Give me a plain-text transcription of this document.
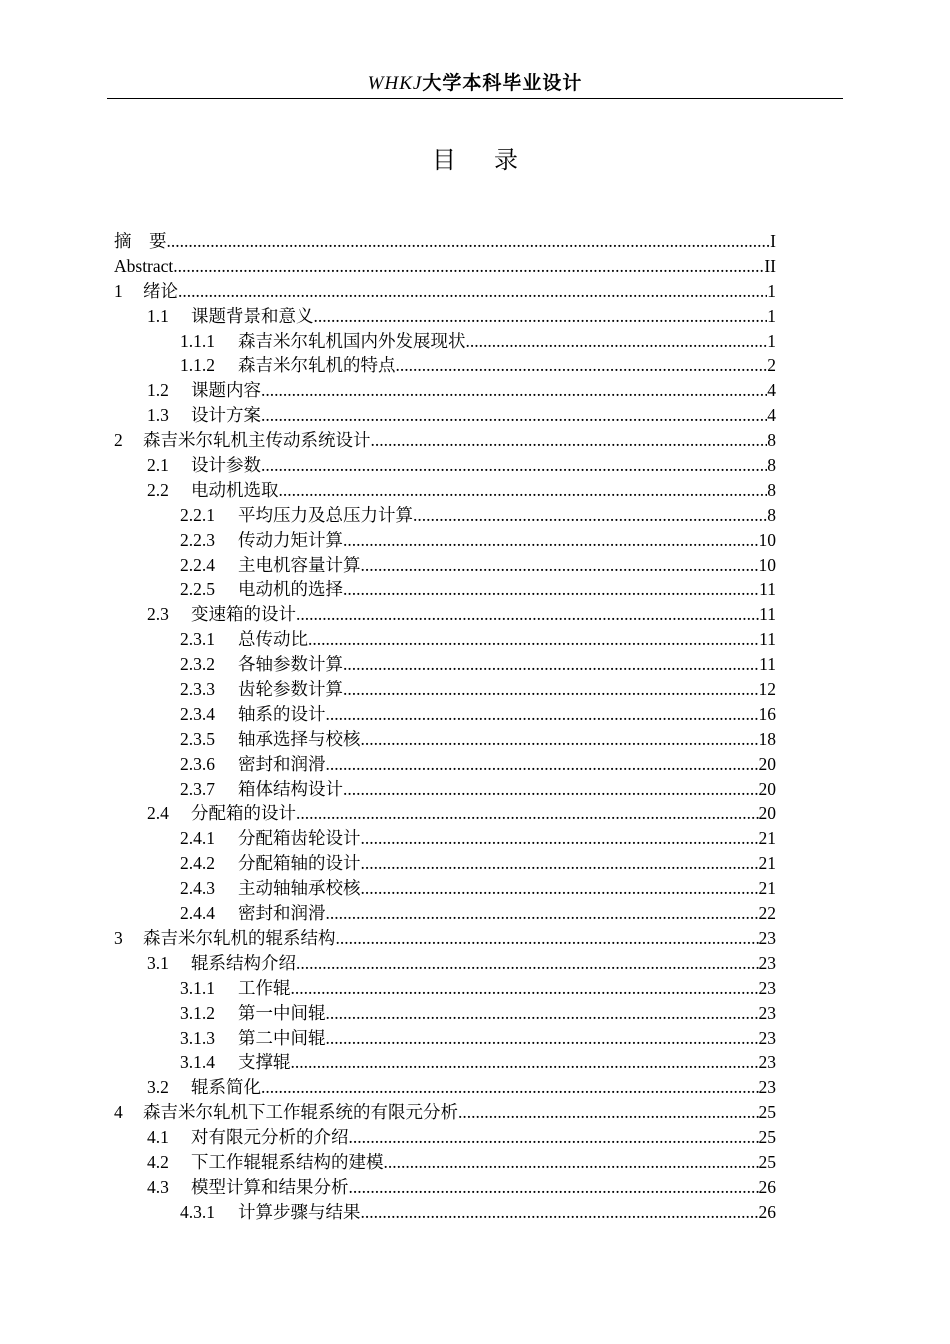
WHKJ大学本科毕业设计
目 录
摘　要 .....	I
Abstract .....	II
1	绪论 .....	1
1.1	课题背景和意义 .....	1
1.1.1	森吉米尔轧机国内外发展现状 .....	1
1.1.2	森吉米尔轧机的特点 .....	2
1.2	课题内容 .....	4
1.3	设计方案 .....	4
2	森吉米尔轧机主传动系统设计 .....	8
2.1	设计参数 .....	8
2.2	电动机选取 .....	8
2.2.1	平均压力及总压力计算 .....	8
2.2.3	传动力矩计算 .....	10
2.2.4	主电机容量计算 .....	10
2.2.5	电动机的选择 .....	11
2.3	变速箱的设计 .....	11
2.3.1	总传动比 .....	11
2.3.2	各轴参数计算 .....	11
2.3.3	齿轮参数计算 .....	12
2.3.4	轴系的设计 .....	16
2.3.5	轴承选择与校核 .....	18
2.3.6	密封和润滑 .....	20
2.3.7	箱体结构设计 .....	20
2.4	分配箱的设计 .....	20
2.4.1	分配箱齿轮设计 .....	21
2.4.2	分配箱轴的设计 .....	21
2.4.3	主动轴轴承校核 .....	21
2.4.4	密封和润滑 .....	22
3	森吉米尔轧机的辊系结构 .....	23
3.1	辊系结构介绍 .....	23
3.1.1	工作辊 .....	23
3.1.2	第一中间辊 .....	23
3.1.3	第二中间辊 .....	23
3.1.4	支撑辊 .....	23
3.2	辊系简化 .....	23
4	森吉米尔轧机下工作辊系统的有限元分析 .....	25
4.1	对有限元分析的介绍 .....	25
4.2	下工作辊辊系结构的建模 .....	25
4.3	模型计算和结果分析 .....	26
4.3.1	计算步骤与结果 .....	26
